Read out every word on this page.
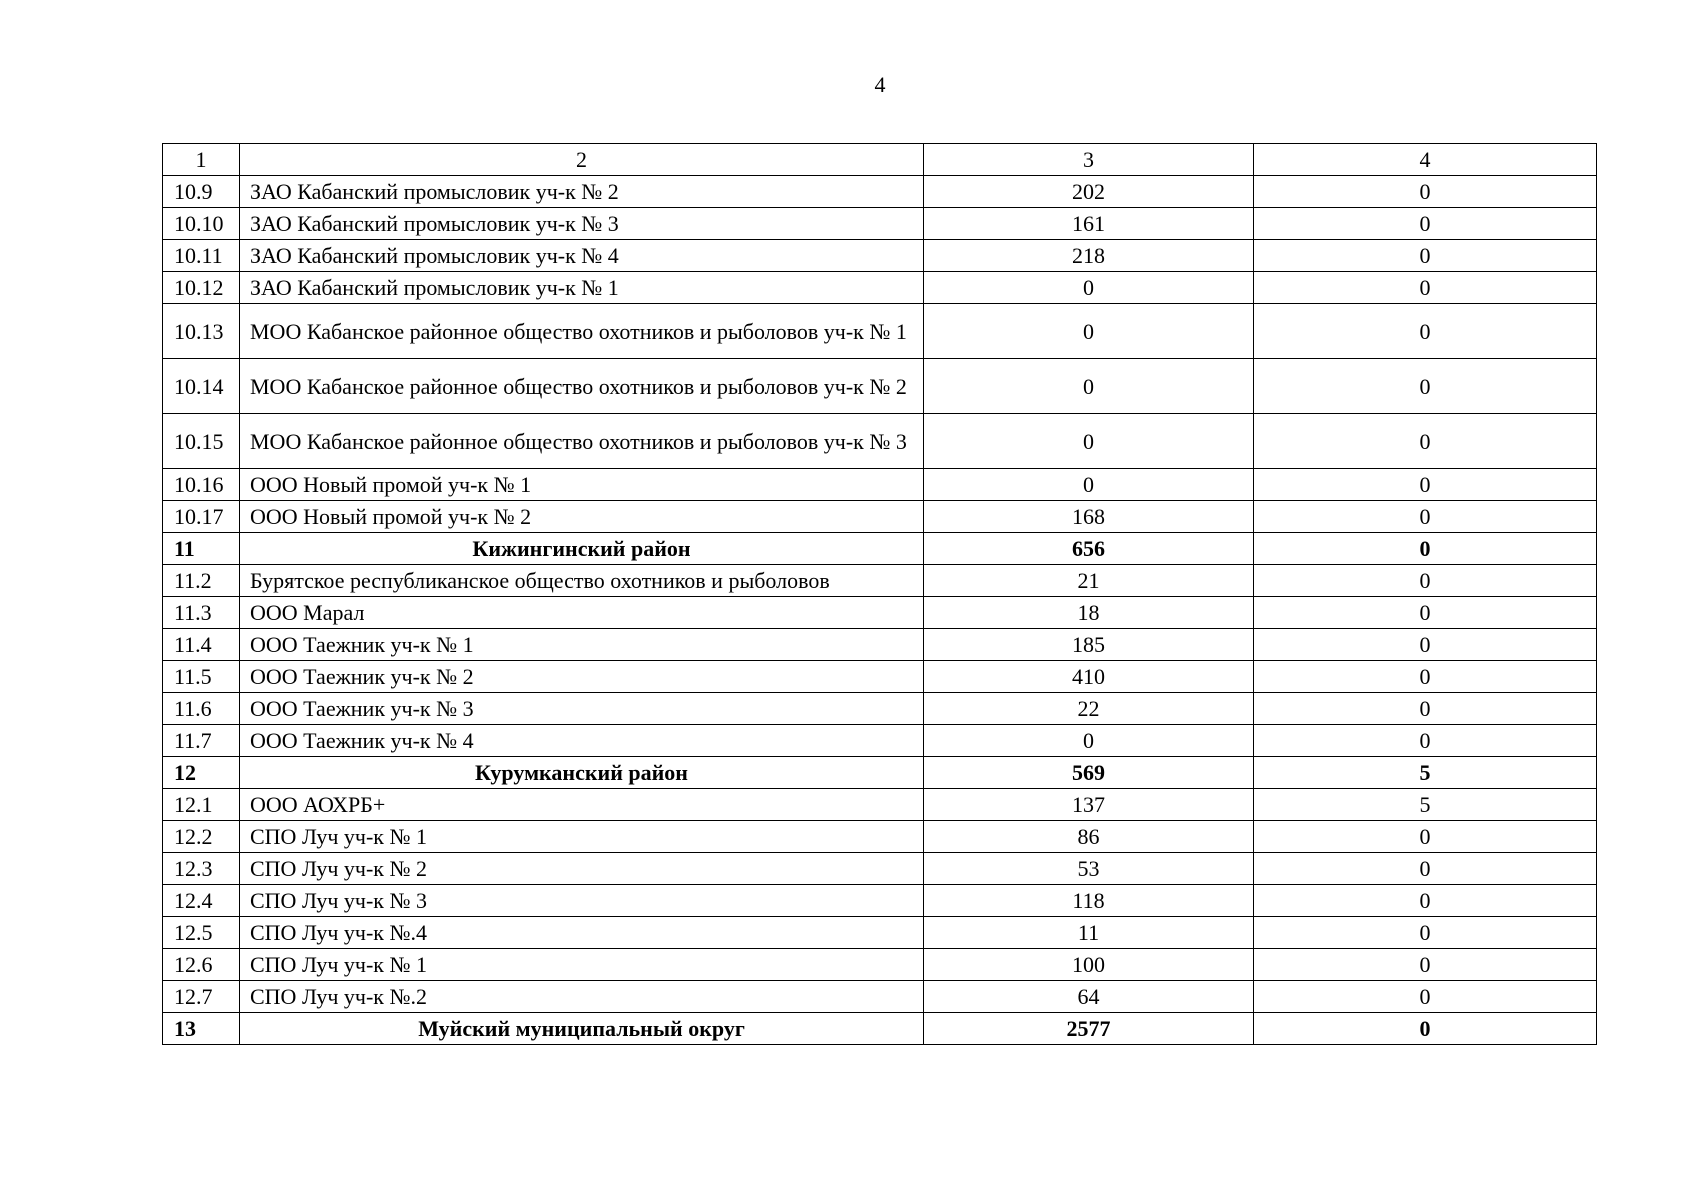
4
1	2	3	4
10.9	ЗАО Кабанский промысловик уч-к № 2	202	0
10.10	ЗАО Кабанский промысловик уч-к № 3	161	0
10.11	ЗАО Кабанский промысловик уч-к № 4	218	0
10.12	ЗАО Кабанский промысловик уч-к № 1	0	0
10.13	МОО Кабанское районное общество охотников и рыболовов уч-к № 1	0	0
10.14	МОО Кабанское районное общество охотников и рыболовов уч-к № 2	0	0
10.15	МОО Кабанское районное общество охотников и рыболовов уч-к № 3	0	0
10.16	ООО Новый промой уч-к № 1	0	0
10.17	ООО Новый промой уч-к № 2	168	0
11	Кижингинский район	656	0
11.2	Бурятское республиканское общество охотников и рыболовов	21	0
11.3	ООО Марал	18	0
11.4	ООО Таежник уч-к № 1	185	0
11.5	ООО Таежник уч-к № 2	410	0
11.6	ООО Таежник уч-к № 3	22	0
11.7	ООО Таежник уч-к № 4	0	0
12	Курумканский район	569	5
12.1	ООО АОХРБ+	137	5
12.2	СПО Луч уч-к № 1	86	0
12.3	СПО Луч уч-к № 2	53	0
12.4	СПО Луч уч-к № 3	118	0
12.5	СПО Луч уч-к №.4	11	0
12.6	СПО Луч уч-к № 1	100	0
12.7	СПО Луч уч-к №.2	64	0
13	Муйский муниципальный округ	2577	0
